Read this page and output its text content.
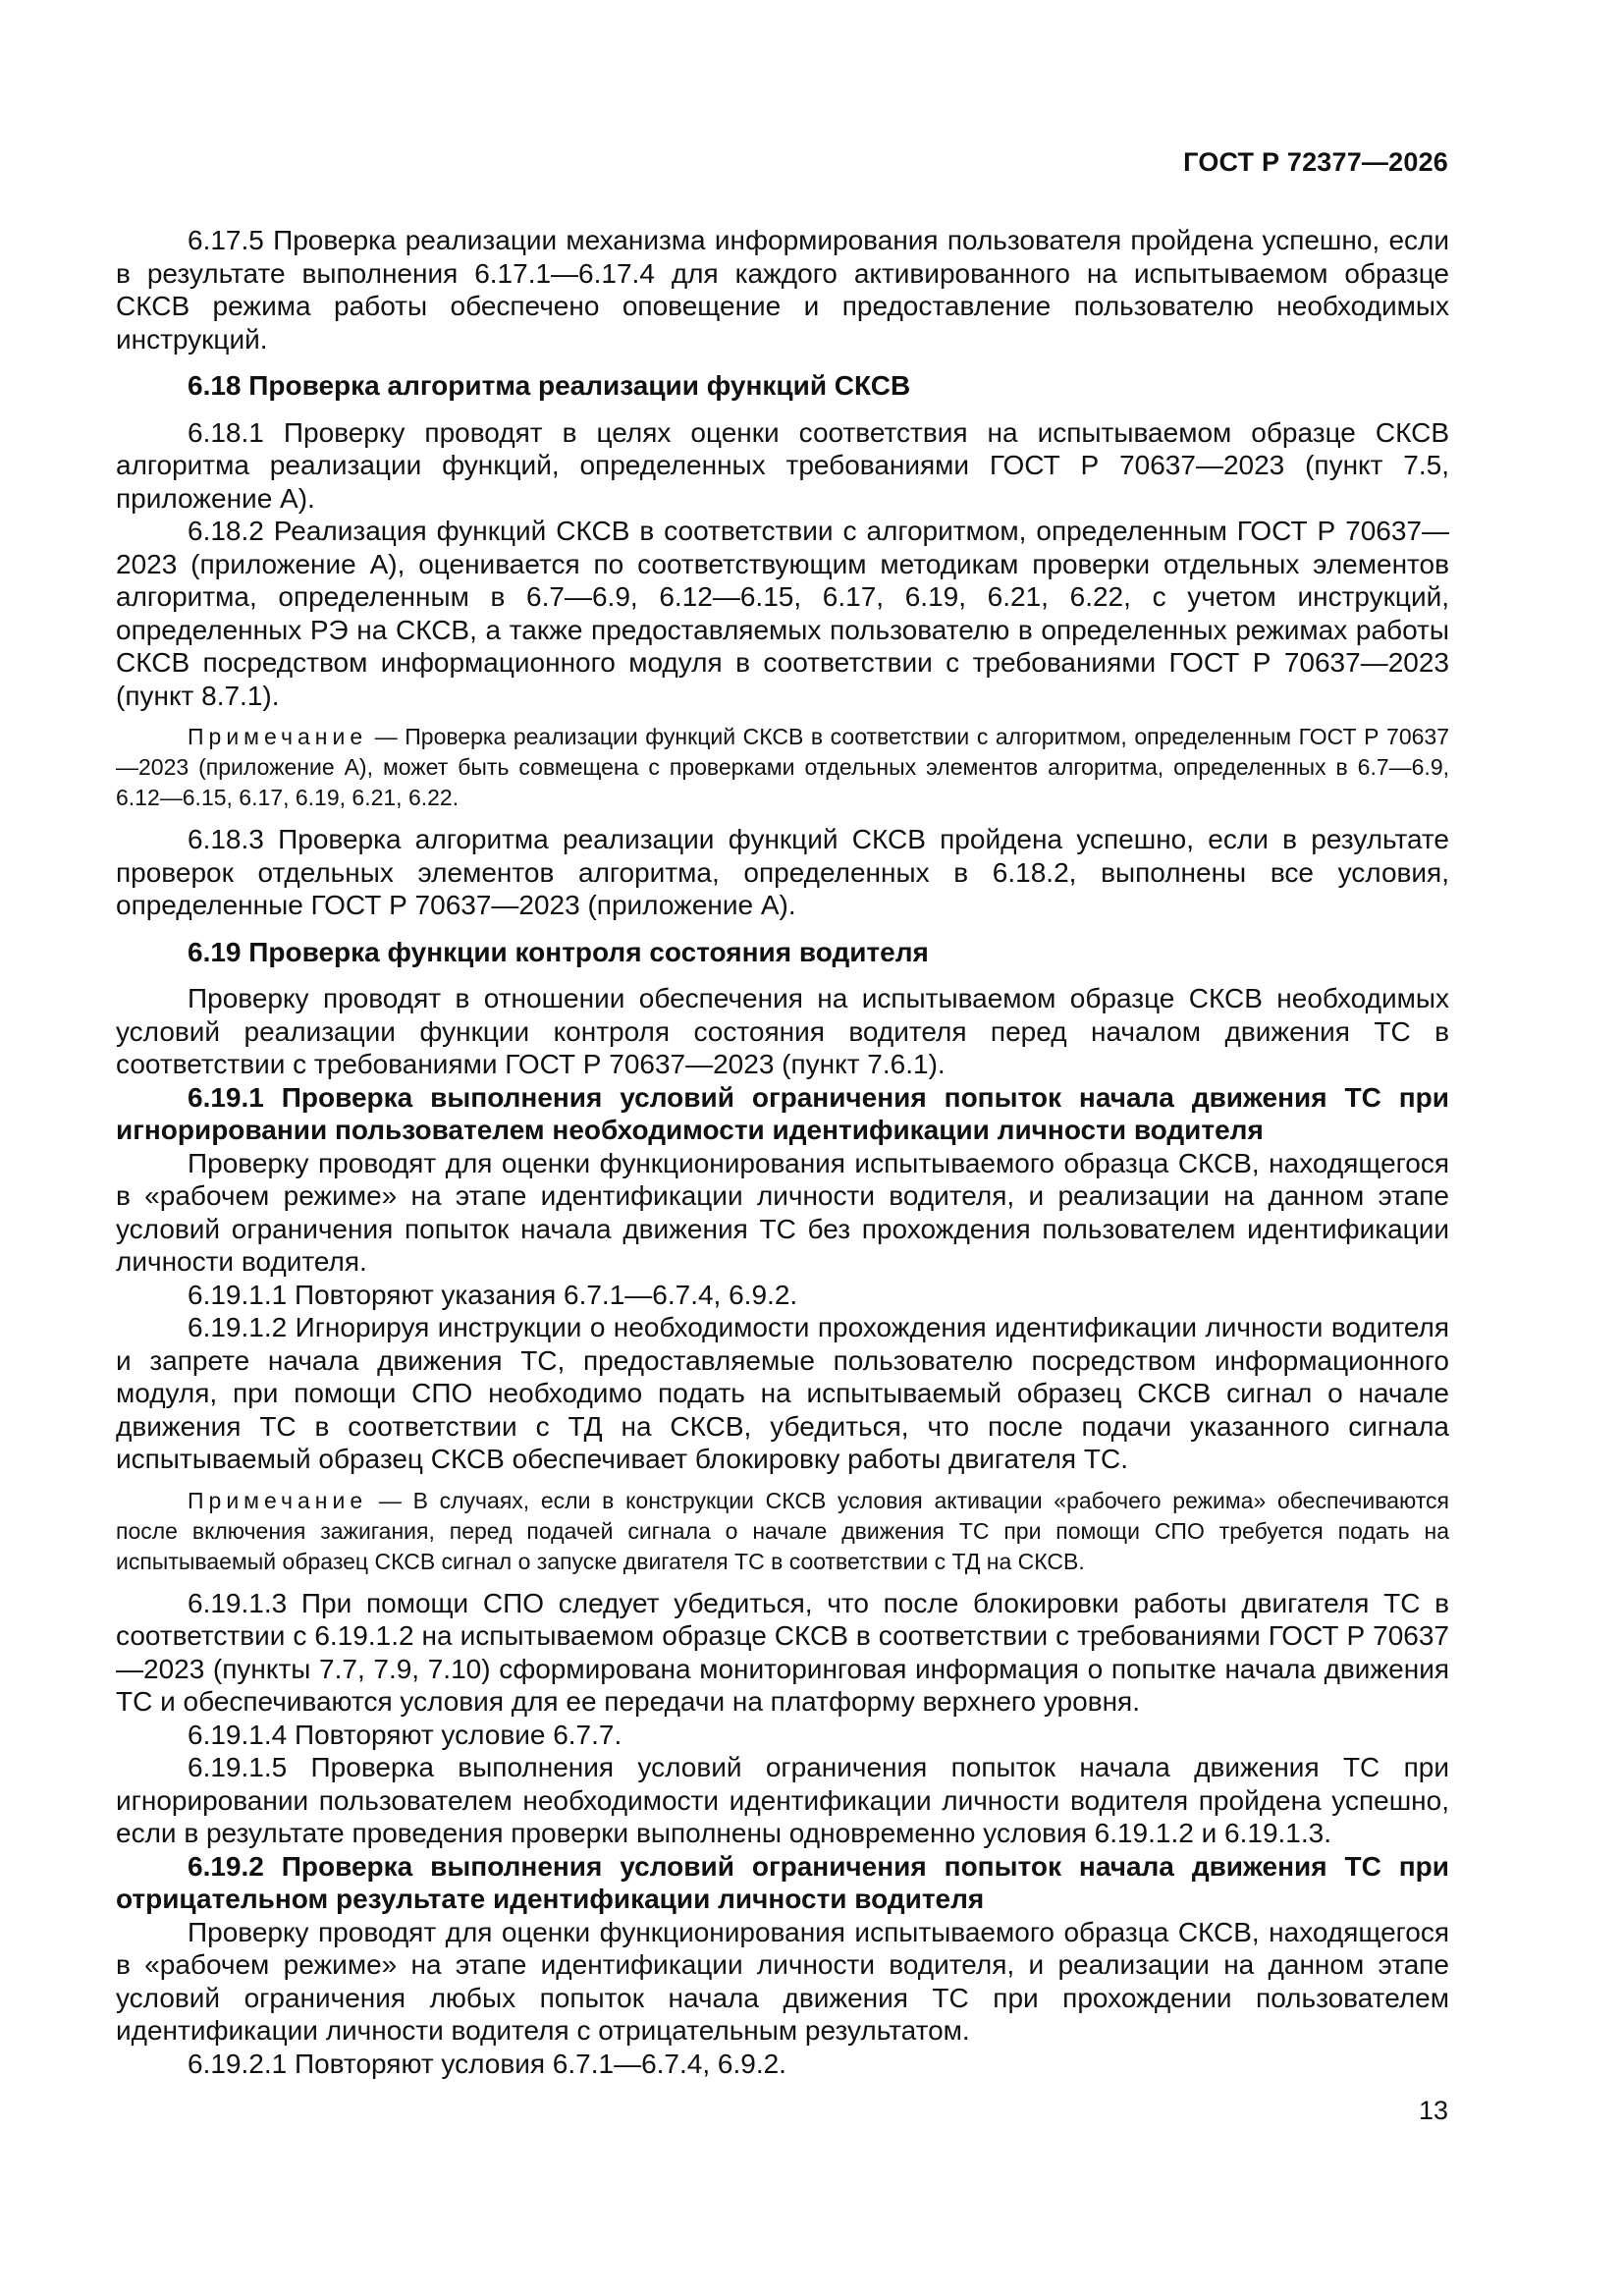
ГОСТ Р 72377—2026

6.17.5 Проверка реализации механизма информирования пользователя пройдена успешно, если в результате выполнения 6.17.1—6.17.4 для каждого активированного на испытываемом образце СКСВ режима работы обеспечено оповещение и предоставление пользователю необходимых инструкций.

6.18 Проверка алгоритма реализации функций СКСВ

6.18.1 Проверку проводят в целях оценки соответствия на испытываемом образце СКСВ алгоритма реализации функций, определенных требованиями ГОСТ Р 70637—2023 (пункт 7.5, приложение А).

6.18.2 Реализация функций СКСВ в соответствии с алгоритмом, определенным ГОСТ Р 70637—2023 (приложение А), оценивается по соответствующим методикам проверки отдельных элементов алгоритма, определенным в 6.7—6.9, 6.12—6.15, 6.17, 6.19, 6.21, 6.22, с учетом инструкций, определенных РЭ на СКСВ, а также предоставляемых пользователю в определенных режимах работы СКСВ посредством информационного модуля в соответствии с требованиями ГОСТ Р 70637—2023 (пункт 8.7.1).

Примечание — Проверка реализации функций СКСВ в соответствии с алгоритмом, определенным ГОСТ Р 70637—2023 (приложение А), может быть совмещена с проверками отдельных элементов алгоритма, определенных в 6.7—6.9, 6.12—6.15, 6.17, 6.19, 6.21, 6.22.

6.18.3 Проверка алгоритма реализации функций СКСВ пройдена успешно, если в результате проверок отдельных элементов алгоритма, определенных в 6.18.2, выполнены все условия, определенные ГОСТ Р 70637—2023 (приложение А).

6.19 Проверка функции контроля состояния водителя

Проверку проводят в отношении обеспечения на испытываемом образце СКСВ необходимых условий реализации функции контроля состояния водителя перед началом движения ТС в соответствии с требованиями ГОСТ Р 70637—2023 (пункт 7.6.1).

6.19.1 Проверка выполнения условий ограничения попыток начала движения ТС при игнорировании пользователем необходимости идентификации личности водителя

Проверку проводят для оценки функционирования испытываемого образца СКСВ, находящегося в «рабочем режиме» на этапе идентификации личности водителя, и реализации на данном этапе условий ограничения попыток начала движения ТС без прохождения пользователем идентификации личности водителя.

6.19.1.1 Повторяют указания 6.7.1—6.7.4, 6.9.2.

6.19.1.2 Игнорируя инструкции о необходимости прохождения идентификации личности водителя и запрете начала движения ТС, предоставляемые пользователю посредством информационного модуля, при помощи СПО необходимо подать на испытываемый образец СКСВ сигнал о начале движения ТС в соответствии с ТД на СКСВ, убедиться, что после подачи указанного сигнала испытываемый образец СКСВ обеспечивает блокировку работы двигателя ТС.

Примечание — В случаях, если в конструкции СКСВ условия активации «рабочего режима» обеспечиваются после включения зажигания, перед подачей сигнала о начале движения ТС при помощи СПО требуется подать на испытываемый образец СКСВ сигнал о запуске двигателя ТС в соответствии с ТД на СКСВ.

6.19.1.3 При помощи СПО следует убедиться, что после блокировки работы двигателя ТС в соответствии с 6.19.1.2 на испытываемом образце СКСВ в соответствии с требованиями ГОСТ Р 70637—2023 (пункты 7.7, 7.9, 7.10) сформирована мониторинговая информация о попытке начала движения ТС и обеспечиваются условия для ее передачи на платформу верхнего уровня.

6.19.1.4 Повторяют условие 6.7.7.

6.19.1.5 Проверка выполнения условий ограничения попыток начала движения ТС при игнорировании пользователем необходимости идентификации личности водителя пройдена успешно, если в результате проведения проверки выполнены одновременно условия 6.19.1.2 и 6.19.1.3.

6.19.2 Проверка выполнения условий ограничения попыток начала движения ТС при отрицательном результате идентификации личности водителя

Проверку проводят для оценки функционирования испытываемого образца СКСВ, находящегося в «рабочем режиме» на этапе идентификации личности водителя, и реализации на данном этапе условий ограничения любых попыток начала движения ТС при прохождении пользователем идентификации личности водителя с отрицательным результатом.

6.19.2.1 Повторяют условия 6.7.1—6.7.4, 6.9.2.

13
